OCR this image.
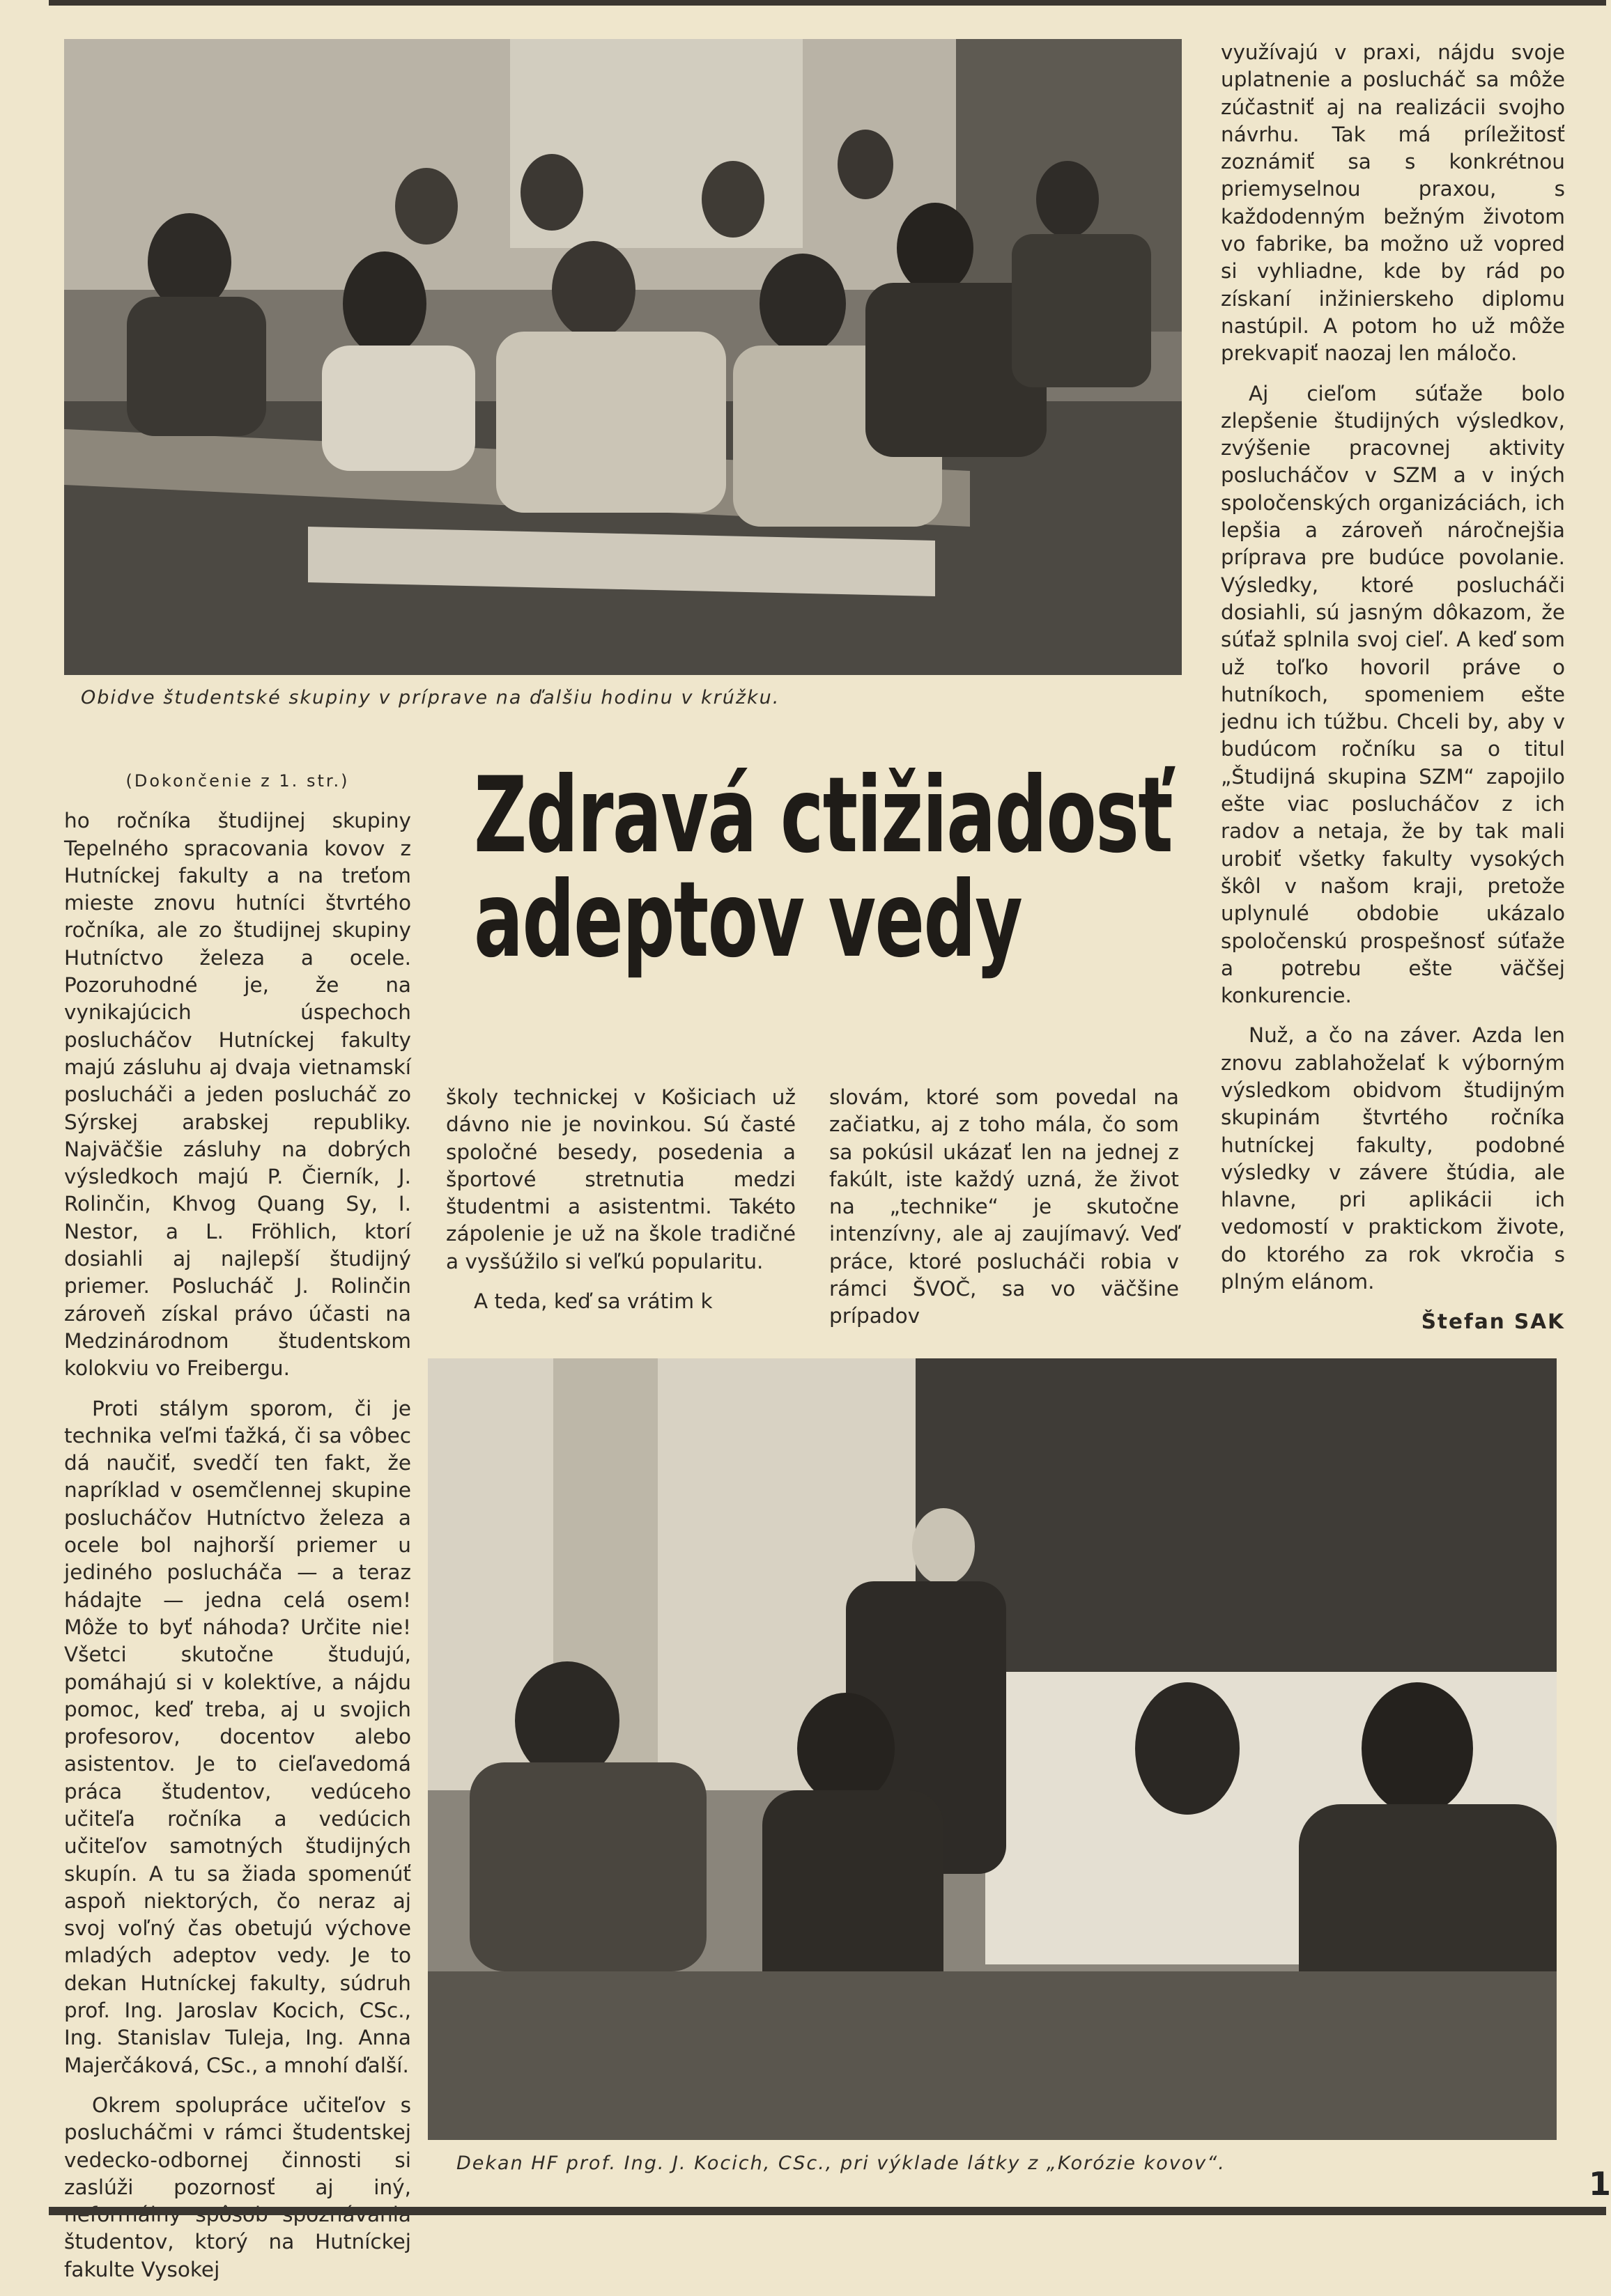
Obidve študentské skupiny v príprave na ďalšiu hodinu v krúžku.
(Dokončenie z 1. str.)

ho ročníka študijnej skupiny Tepelného spracovania kovov z Hutníckej fakulty a na treťom mieste znovu hutníci štvrtého ročníka, ale zo študijnej skupiny Hutníctvo železa a ocele. Pozoruhodné je, že na vynikajúcich úspechoch poslucháčov Hutníckej fakulty majú zásluhu aj dvaja vietnamskí poslucháči a jeden poslucháč zo Sýrskej arabskej republiky. Najväčšie zásluhy na dobrých výsledkoch majú P. Čierník, J. Rolinčin, Khvog Quang Sy, I. Nestor, a L. Fröhlich, ktorí dosiahli aj najlepší študijný priemer. Poslucháč J. Rolinčin zároveň získal právo účasti na Medzinárodnom študentskom kolokviu vo Freibergu.

Proti stálym sporom, či je technika veľmi ťažká, či sa vôbec dá naučiť, svedčí ten fakt, že napríklad v osemčlennej skupine poslucháčov Hutníctvo železa a ocele bol najhorší priemer u jediného poslucháča — a teraz hádajte — jedna celá osem! Môže to byť náhoda? Určite nie! Všetci skutočne študujú, pomáhajú si v kolektíve, a nájdu pomoc, keď treba, aj u svojich profesorov, docentov alebo asistentov. Je to cieľavedomá práca študentov, vedúceho učiteľa ročníka a vedúcich učiteľov samotných študijných skupín. A tu sa žiada spomenúť aspoň niektorých, čo neraz aj svoj voľný čas obetujú výchove mladých adeptov vedy. Je to dekan Hutníckej fakulty, súdruh prof. Ing. Jaroslav Kocich, CSc., Ing. Stanislav Tuleja, Ing. Anna Majerčáková, CSc., a mnohí ďalší.

Okrem spolupráce učiteľov s poslucháčmi v rámci študentskej vedecko-odbornej činnosti si zaslúži pozornosť aj iný, študentov, ktorý na Hutníckej fakulte Vysokej

Zdravá ctižiadosť
adeptov vedy

školy technickej v Košiciach už dávno nie je novinkou. Sú časté spoločné besedy, posedenia a športové stretnutia medzi študentmi a asistentmi. Takéto zápolenie je už na škole tradičné a vysšúžilo si veľkú popularitu.

A teda, keď sa vrátim k

slovám, ktoré som povedal na začiatku, aj z toho mála, čo som sa pokúsil ukázať len na jednej z fakúlt, iste každý uzná, že život na „technike“ je skutočne intenzívny, ale aj zaujímavý. Veď práce, ktoré poslucháči robia v rámci ŠVOČ, sa vo väčšine prípadov

využívajú v praxi, nájdu svoje uplatnenie a poslucháč sa môže zúčastniť aj na realizácii svojho návrhu. Tak má príležitosť zoznámiť sa s konkrétnou priemyselnou praxou, s každodenným bežným životom vo fabrike, ba možno už vopred si vyhliadne, kde by rád po získaní inžinierskeho diplomu nastúpil. A potom ho už môže prekvapiť naozaj len máločo.

Aj cieľom súťaže bolo zlepšenie študijných výsledkov, zvýšenie pracovnej aktivity poslucháčov v SZM a v iných spoločenských organizáciách, ich lepšia a zároveň náročnejšia príprava pre budúce povolanie. Výsledky, ktoré poslucháči dosiahli, sú jasným dôkazom, že súťaž splnila svoj cieľ. A keď som už toľko hovoril práve o hutníkoch, spomeniem ešte jednu ich túžbu. Chceli by, aby v budúcom ročníku sa o titul „Študijná skupina SZM“ zapojilo ešte viac poslucháčov z ich radov a netaja, že by tak mali urobiť všetky fakulty vysokých škôl v našom kraji, pretože uplynulé obdobie ukázalo spoločenskú prospešnosť súťaže a potrebu ešte väčšej konkurencie.

Nuž, a čo na záver. Azda len znovu zablahoželať k výborným výsledkom obidvom študijným skupinám štvrtého ročníka hutníckej fakulty, podobné výsledky v závere štúdia, ale hlavne, pri aplikácii ich vedomostí v praktickom živote, do ktorého za rok vkročia s plným elánom.

Štefan SAK
Dekan HF prof. Ing. J. Kocich, CSc., pri výklade látky z „Korózie kovov“.
1
